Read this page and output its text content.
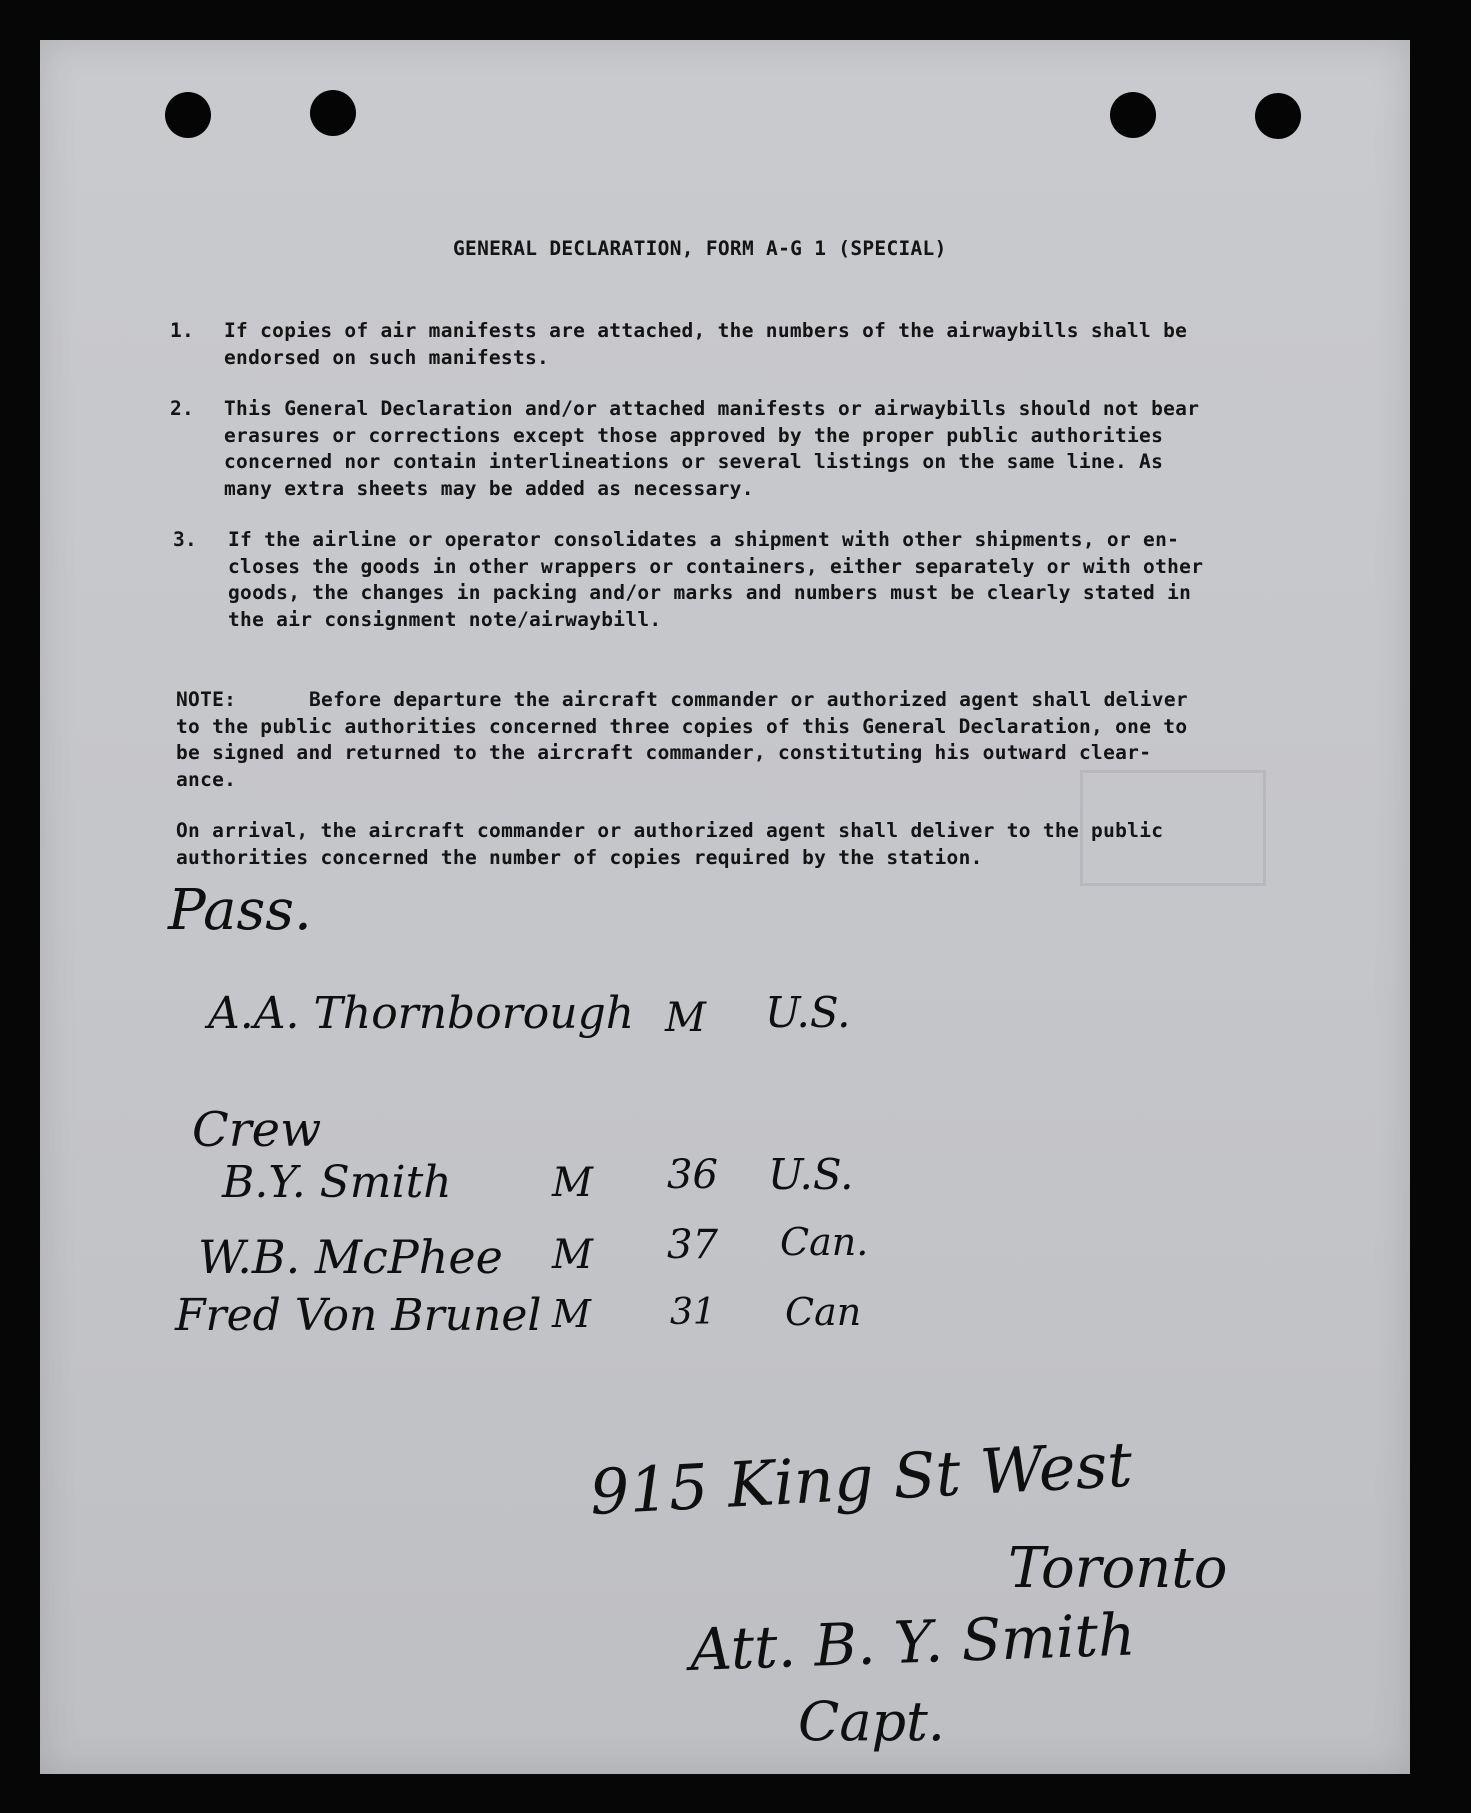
GENERAL DECLARATION, FORM A-G 1 (SPECIAL)

1. If copies of air manifests are attached, the numbers of the airwaybills shall be
endorsed on such manifests.

2. This General Declaration and/or attached manifests or airwaybills should not bear
erasures or corrections except those approved by the proper public authorities
concerned nor contain interlineations or several listings on the same line. As
many extra sheets may be added as necessary.

3. If the airline or operator consolidates a shipment with other shipments, or en-
closes the goods in other wrappers or containers, either separately or with other
goods, the changes in packing and/or marks and numbers must be clearly stated in
the air consignment note/airwaybill.

NOTE:	Before departure the aircraft commander or authorized agent shall deliver
to the public authorities concerned three copies of this General Declaration, one to
be signed and returned to the aircraft commander, constituting his outward clear-
ance.
On arrival, the aircraft commander or authorized agent shall deliver to the public
authorities concerned the number of copies required by the station.
Pass.
A.A. Thornborough M U.S.
Crew
B.Y. Smith	M 36 U.S.
W.B. McPhee M 37 Can.
Fred Von Brunel M 31 Can
915 King St West
Toronto
Att. B. Y. Smith
Capt.
